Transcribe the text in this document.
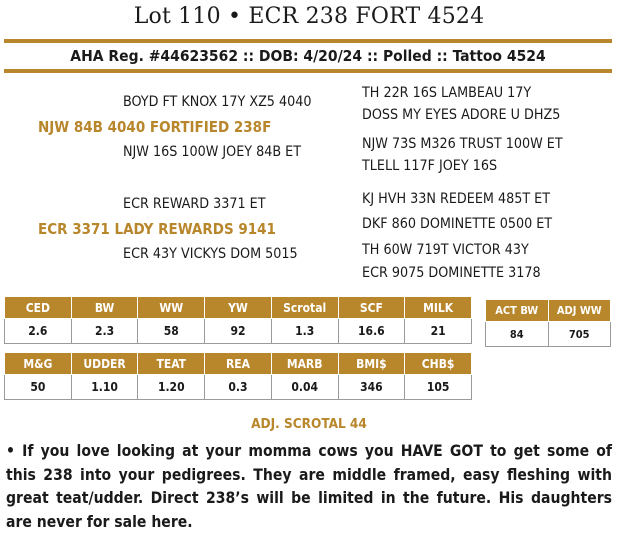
Lot 110 • ECR 238 FORT 4524
AHA Reg. #44623562 :: DOB: 4/20/24 :: Polled :: Tattoo 4524
BOYD FT KNOX 17Y XZ5 4040
NJW 84B 4040 FORTIFIED 238F
NJW 16S 100W JOEY 84B ET
TH 22R 16S LAMBEAU 17Y
DOSS MY EYES ADORE U DHZ5
NJW 73S M326 TRUST 100W ET
TLELL 117F JOEY 16S
ECR REWARD 3371 ET
ECR 3371 LADY REWARDS 9141
ECR 43Y VICKYS DOM 5015
KJ HVH 33N REDEEM 485T ET
DKF 860 DOMINETTE 0500 ET
TH 60W 719T VICTOR 43Y
ECR 9075 DOMINETTE 3178
CED	BW	WW	YW	Scrotal	SCF	MILK
2.6	2.3	58	92	1.3	16.6	21
M&G	UDDER	TEAT	REA	MARB	BMI$	CHB$
50	1.10	1.20	0.3	0.04	346	105
ACT BW	ADJ WW
84	705
ADJ. SCROTAL 44
• If you love looking at your momma cows you HAVE GOT to get some of this 238 into your pedigrees. They are middle framed, easy fleshing with great teat/udder. Direct 238’s will be limited in the future. His daughters are never for sale here.
